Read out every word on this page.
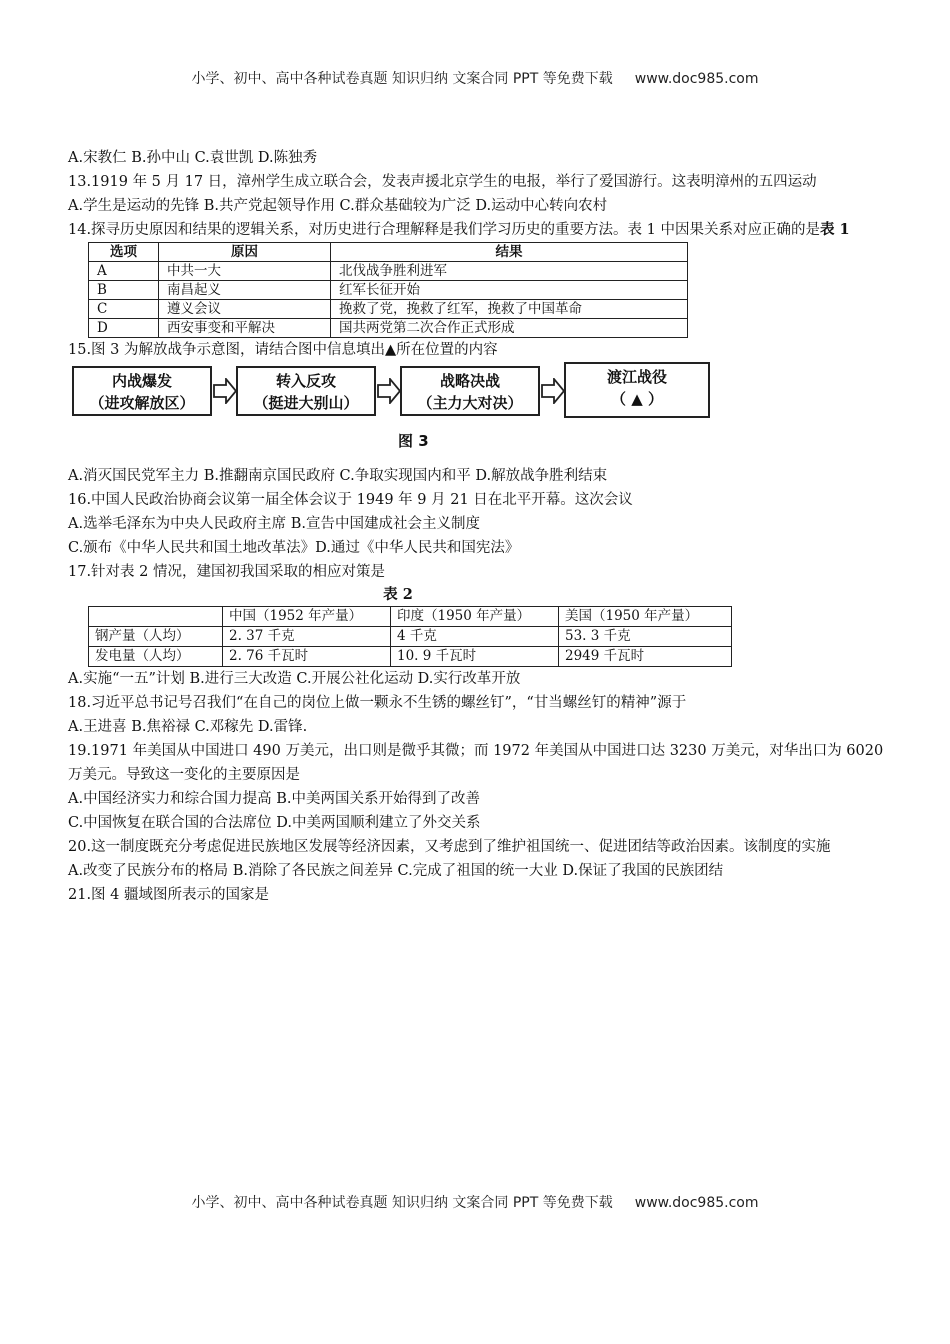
小学、初中、高中各种试卷真题 知识归纳 文案合同 PPT 等免费下载 www.doc985.com

A.宋教仁 B.孙中山 C.袁世凯 D.陈独秀

13.1919 年 5 月 17 日，漳州学生成立联合会，发表声援北京学生的电报，举行了爱国游行。这表明漳州的五四运动

A.学生是运动的先锋 B.共产党起领导作用 C.群众基础较为广泛 D.运动中心转向农村

14.探寻历史原因和结果的逻辑关系，对历史进行合理解释是我们学习历史的重要方法。表 1 中因果关系对应正确的是表 1

选项	原因	结果
A	中共一大	北伐战争胜利进军
B	南昌起义	红军长征开始
C	遵义会议	挽救了党，挽救了红军，挽救了中国革命
D	西安事变和平解决	国共两党第二次合作正式形成

15.图 3 为解放战争示意图，请结合图中信息填出▲所在位置的内容

内战爆发
（进攻解放区）
转入反攻
（挺进大别山）
战略决战
（主力大对决）
渡江战役
（ ▲ ）
图 3

A.消灭国民党军主力 B.推翻南京国民政府 C.争取实现国内和平 D.解放战争胜利结束

16.中国人民政治协商会议第一届全体会议于 1949 年 9 月 21 日在北平开幕。这次会议

A.选举毛泽东为中央人民政府主席 B.宣告中国建成社会主义制度

C.颁布《中华人民共和国土地改革法》D.通过《中华人民共和国宪法》

17.针对表 2 情况，建国初我国采取的相应对策是

表 2
	中国（1952 年产量）	印度（1950 年产量）	美国（1950 年产量）
钢产量（人均）	2. 37 千克	4 千克	53. 3 千克
发电量（人均）	2. 76 千瓦时	10. 9 千瓦时	2949 千瓦时

A.实施“一五”计划 B.进行三大改造 C.开展公社化运动 D.实行改革开放

18.习近平总书记号召我们“在自己的岗位上做一颗永不生锈的螺丝钉”，“甘当螺丝钉的精神”源于

A.王进喜 B.焦裕禄 C.邓稼先 D.雷锋.

19.1971 年美国从中国进口 490 万美元，出口则是微乎其微；而 1972 年美国从中国进口达 3230 万美元，对华出口为 6020 万美元。导致这一变化的主要原因是

A.中国经济实力和综合国力提高 B.中美两国关系开始得到了改善

C.中国恢复在联合国的合法席位 D.中美两国顺利建立了外交关系

20.这一制度既充分考虑促进民族地区发展等经济因素，又考虑到了维护祖国统一、促进团结等政治因素。该制度的实施

A.改变了民族分布的格局 B.消除了各民族之间差异 C.完成了祖国的统一大业 D.保证了我国的民族团结

21.图 4 疆域图所表示的国家是

小学、初中、高中各种试卷真题 知识归纳 文案合同 PPT 等免费下载 www.doc985.com
